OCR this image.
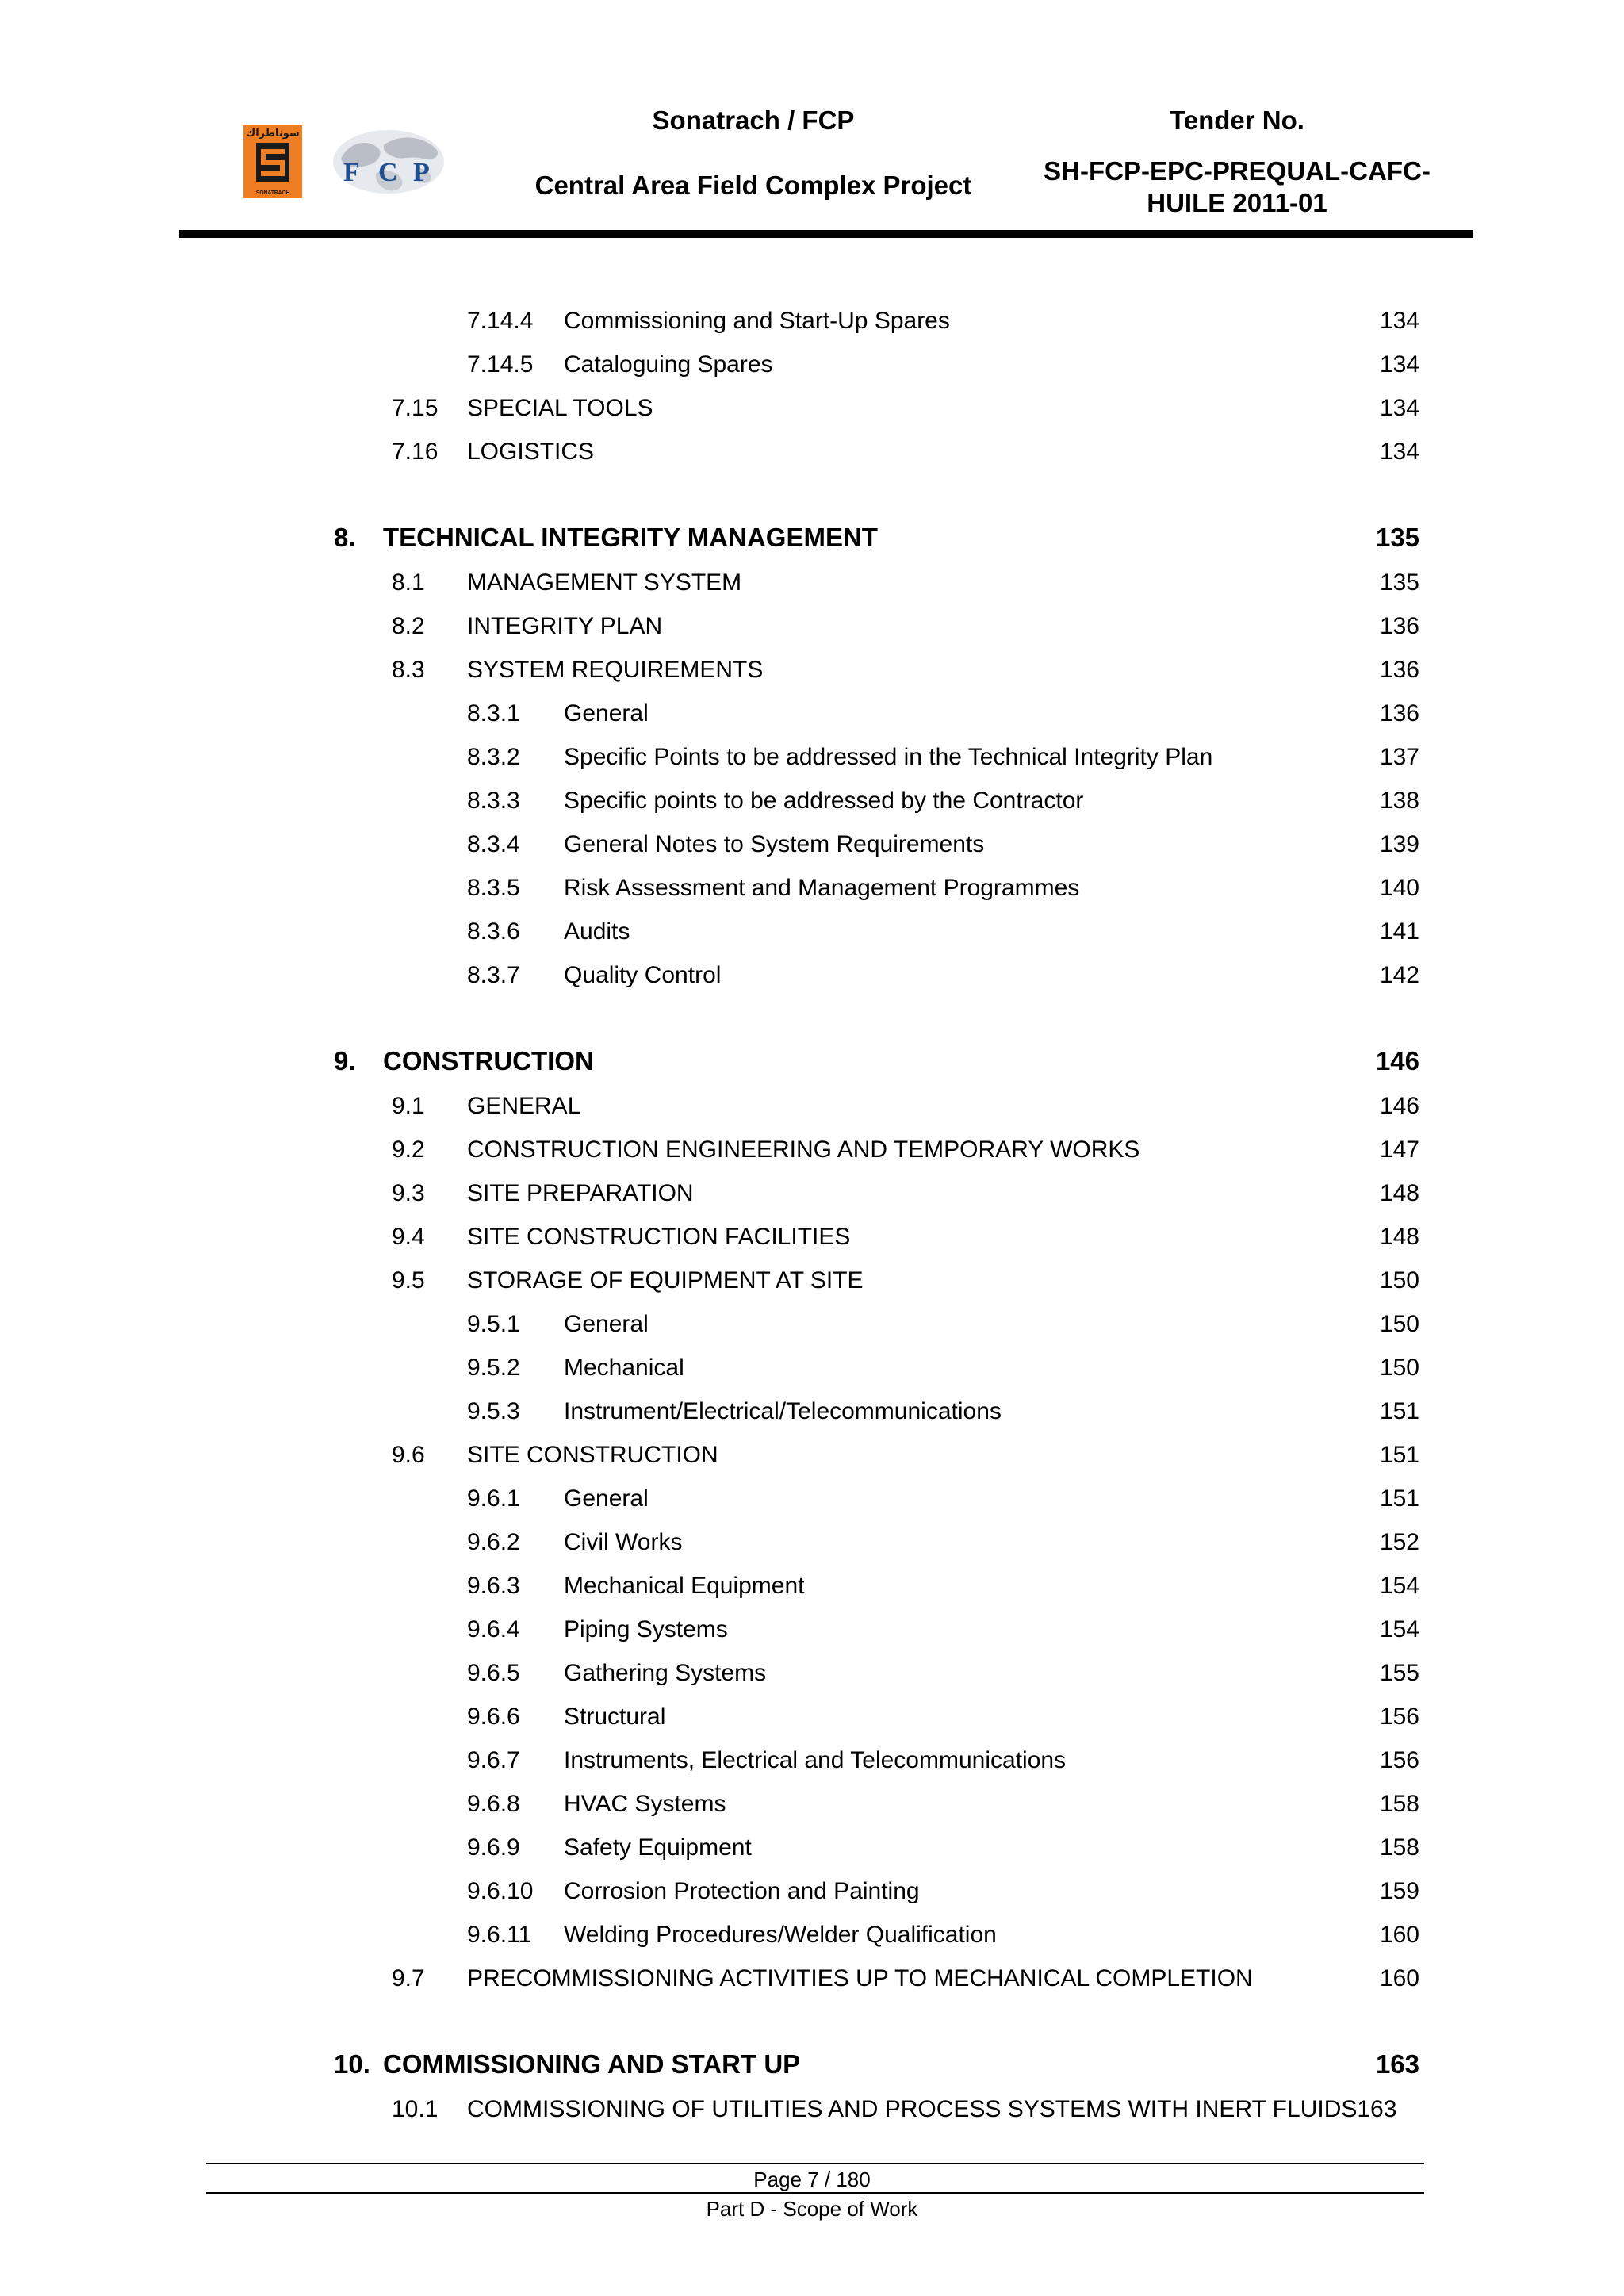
سوناطراك
SONATRACH
F C P
Sonatrach / FCP
Central Area Field Complex Project
Tender No.
SH-FCP-EPC-PREQUAL-CAFC-HUILE 2011-01
7.14.4 Commissioning and Start-Up Spares	134
7.14.5 Cataloguing Spares	134
7.15 SPECIAL TOOLS	134
7.16 LOGISTICS	134
8. TECHNICAL INTEGRITY MANAGEMENT	135
8.1 MANAGEMENT SYSTEM	135
8.2 INTEGRITY PLAN	136
8.3 SYSTEM REQUIREMENTS	136
8.3.1 General	136
8.3.2 Specific Points to be addressed in the Technical Integrity Plan	137
8.3.3 Specific points to be addressed by the Contractor	138
8.3.4 General Notes to System Requirements	139
8.3.5 Risk Assessment and Management Programmes	140
8.3.6 Audits	141
8.3.7 Quality Control	142
9. CONSTRUCTION	146
9.1 GENERAL	146
9.2 CONSTRUCTION ENGINEERING AND TEMPORARY WORKS	147
9.3 SITE PREPARATION	148
9.4 SITE CONSTRUCTION FACILITIES	148
9.5 STORAGE OF EQUIPMENT AT SITE	150
9.5.1 General	150
9.5.2 Mechanical	150
9.5.3 Instrument/Electrical/Telecommunications	151
9.6 SITE CONSTRUCTION	151
9.6.1 General	151
9.6.2 Civil Works	152
9.6.3 Mechanical Equipment	154
9.6.4 Piping Systems	154
9.6.5 Gathering Systems	155
9.6.6 Structural	156
9.6.7 Instruments, Electrical and Telecommunications	156
9.6.8 HVAC Systems	158
9.6.9 Safety Equipment	158
9.6.10 Corrosion Protection and Painting	159
9.6.11 Welding Procedures/Welder Qualification	160
9.7 PRECOMMISSIONING ACTIVITIES UP TO MECHANICAL COMPLETION	160
10. COMMISSIONING AND START UP	163
10.1 COMMISSIONING OF UTILITIES AND PROCESS SYSTEMS WITH INERT FLUIDS163
Page 7 / 180
Part D - Scope of Work
